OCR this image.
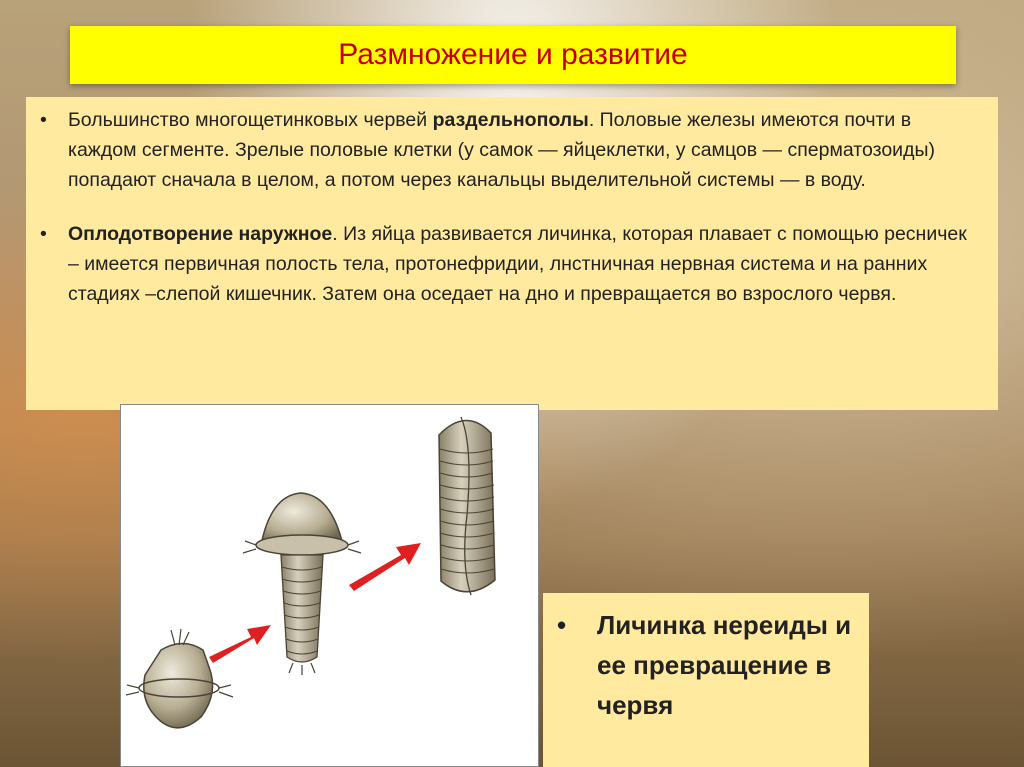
Размножение и развитие
• Большинство многощетинковых червей раздельнополы. Половые железы имеются почти в каждом сегменте. Зрелые половые клетки (у самок — яйцеклетки, у самцов — сперматозоиды) попадают сначала в целом, а потом через канальцы выделительной системы — в воду.
• Оплодотворение наружное. Из яйца развивается личинка, которая плавает с помощью ресничек – имеется первичная полость тела, протонефридии, лнстничная нервная система и на ранних стадиях –слепой кишечник. Затем она оседает на дно и превращается во взрослого червя.
• Личинка нереиды и ее превращение в червя
